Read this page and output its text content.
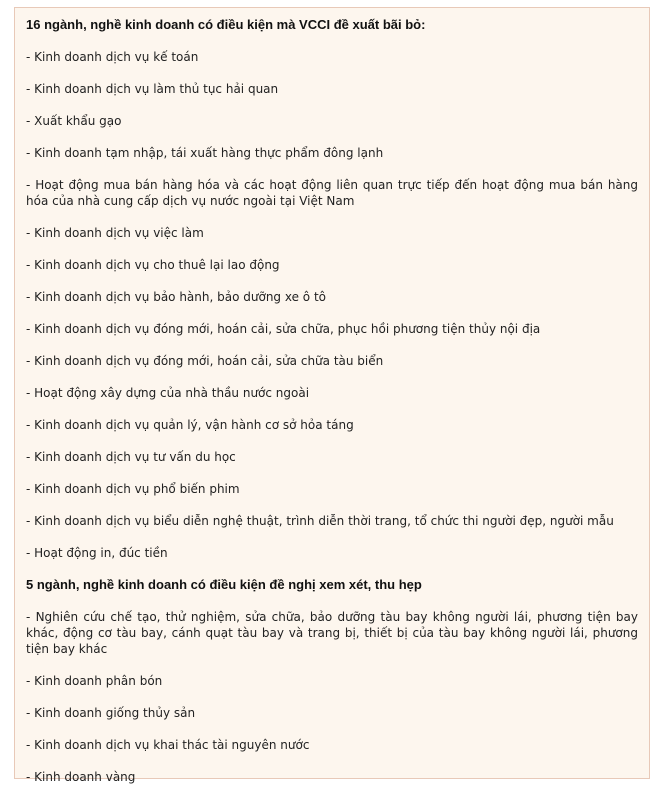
16 ngành, nghề kinh doanh có điều kiện mà VCCI đề xuất bãi bỏ:

- Kinh doanh dịch vụ kế toán

- Kinh doanh dịch vụ làm thủ tục hải quan

- Xuất khẩu gạo

- Kinh doanh tạm nhập, tái xuất hàng thực phẩm đông lạnh

- Hoạt động mua bán hàng hóa và các hoạt động liên quan trực tiếp đến hoạt động mua bán hàng hóa của nhà cung cấp dịch vụ nước ngoài tại Việt Nam

- Kinh doanh dịch vụ việc làm

- Kinh doanh dịch vụ cho thuê lại lao động

- Kinh doanh dịch vụ bảo hành, bảo dưỡng xe ô tô

- Kinh doanh dịch vụ đóng mới, hoán cải, sửa chữa, phục hồi phương tiện thủy nội địa

- Kinh doanh dịch vụ đóng mới, hoán cải, sửa chữa tàu biển

- Hoạt động xây dựng của nhà thầu nước ngoài

- Kinh doanh dịch vụ quản lý, vận hành cơ sở hỏa táng

- Kinh doanh dịch vụ tư vấn du học

- Kinh doanh dịch vụ phổ biến phim

- Kinh doanh dịch vụ biểu diễn nghệ thuật, trình diễn thời trang, tổ chức thi người đẹp, người mẫu

- Hoạt động in, đúc tiền

5 ngành, nghề kinh doanh có điều kiện đề nghị xem xét, thu hẹp

- Nghiên cứu chế tạo, thử nghiệm, sửa chữa, bảo dưỡng tàu bay không người lái, phương tiện bay khác, động cơ tàu bay, cánh quạt tàu bay và trang bị, thiết bị của tàu bay không người lái, phương tiện bay khác

- Kinh doanh phân bón

- Kinh doanh giống thủy sản

- Kinh doanh dịch vụ khai thác tài nguyên nước

- Kinh doanh vàng
